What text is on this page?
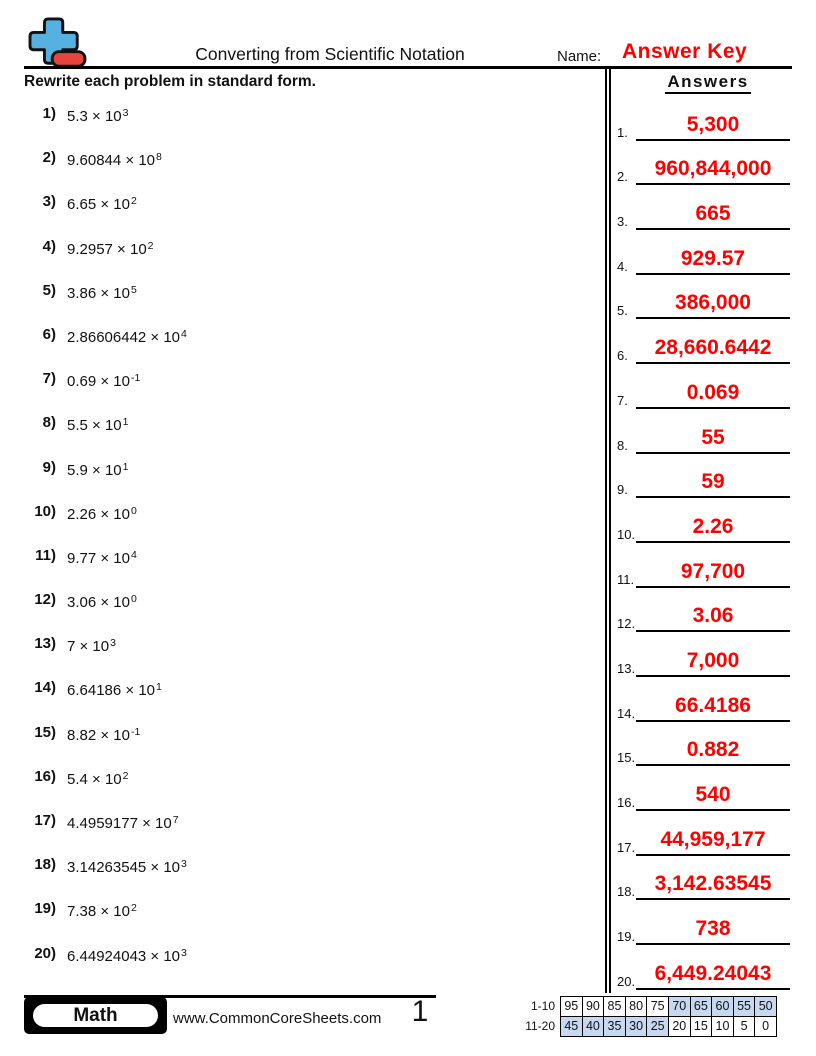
Converting from Scientific Notation	Name: Answer Key
Rewrite each problem in standard form.
1) $5.3 \times 10^3$
2) $9.60844 \times 10^8$
3) $6.65 \times 10^2$
4) $9.2957 \times 10^2$
5) $3.86 \times 10^5$
6) $2.86606442 \times 10^4$
7) $0.69 \times 10^{-1}$
8) $5.5 \times 10^1$
9) $5.9 \times 10^1$
10) $2.26 \times 10^0$
11) $9.77 \times 10^4$
12) $3.06 \times 10^0$
13) $7 \times 10^3$
14) $6.64186 \times 10^1$
15) $8.82 \times 10^{-1}$
16) $5.4 \times 10^2$
17) $4.4959177 \times 10^7$
18) $3.14263545 \times 10^3$
19) $7.38 \times 10^2$
20) $6.44924043 \times 10^3$
Answers
1.	5,300
2.	960,844,000
3.	665
4.	929.57
5.	386,000
6.	28,660.6442
7.	0.069
8.	55
9.	59
10.	2.26
11.	97,700
12.	3.06
13.	7,000
14.	66.4186
15.	0.882
16.	540
17.	44,959,177
18. 3,142.63545
19.	738
20. 6,449.24043
Math	www.CommonCoreSheets.com	1	1-10 95 90 85 80 75 70 65 60 55 50
11-20 45 40 35 30 25 20 15 10 5	0
